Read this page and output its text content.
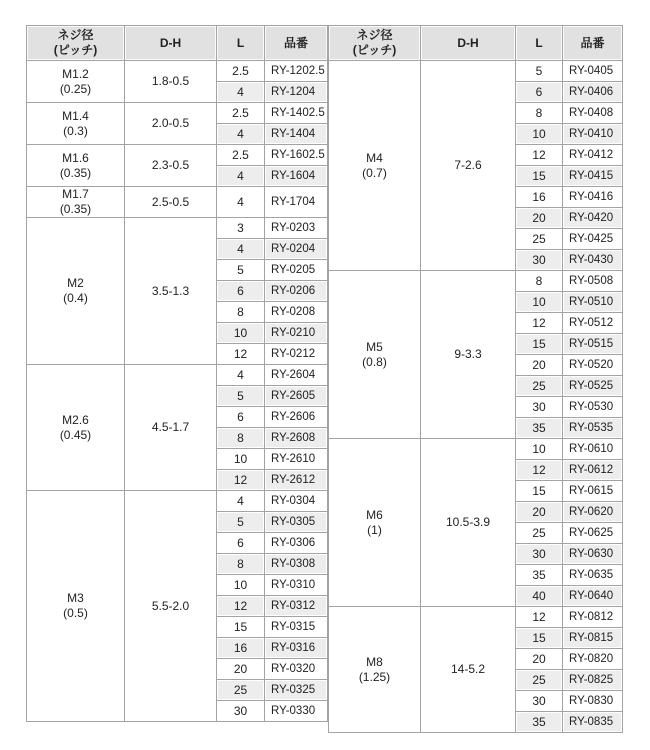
ネジ径
(ピッチ)	D-H	L	品番

M1.2
(0.25)	1.8-0.5	2.5	RY-1202.5
		4	RY-1204

M1.4
(0.3)	2.0-0.5	2.5	RY-1402.5
		4	RY-1404

M1.6
(0.35)	2.3-0.5	2.5	RY-1602.5
		4	RY-1604

M1.7
(0.35)	2.5-0.5	4	RY-1704

M2
(0.4)	3.5-1.3	3	RY-0203
		4	RY-0204
		5	RY-0205
		6	RY-0206
		8	RY-0208
		10	RY-0210
		12	RY-0212

M2.6
(0.45)	4.5-1.7	4	RY-2604
		5	RY-2605
		6	RY-2606
		8	RY-2608
		10	RY-2610
		12	RY-2612

M3
(0.5)	5.5-2.0	4	RY-0304
		5	RY-0305
		6	RY-0306
		8	RY-0308
		10	RY-0310
		12	RY-0312
		15	RY-0315
		16	RY-0316
		20	RY-0320
		25	RY-0325
		30	RY-0330
ネジ径
(ピッチ)	D-H	L	品番

M4
(0.7)	7-2.6	5	RY-0405
		6	RY-0406
		8	RY-0408
		10	RY-0410
		12	RY-0412
		15	RY-0415
		16	RY-0416
		20	RY-0420
		25	RY-0425
		30	RY-0430

M5
(0.8)	9-3.3	8	RY-0508
		10	RY-0510
		12	RY-0512
		15	RY-0515
		20	RY-0520
		25	RY-0525
		30	RY-0530
		35	RY-0535

M6
(1)	10.5-3.9	10	RY-0610
		12	RY-0612
		15	RY-0615
		20	RY-0620
		25	RY-0625
		30	RY-0630
		35	RY-0635
		40	RY-0640

M8
(1.25)	14-5.2	12	RY-0812
		15	RY-0815
		20	RY-0820
		25	RY-0825
		30	RY-0830
		35	RY-0835
